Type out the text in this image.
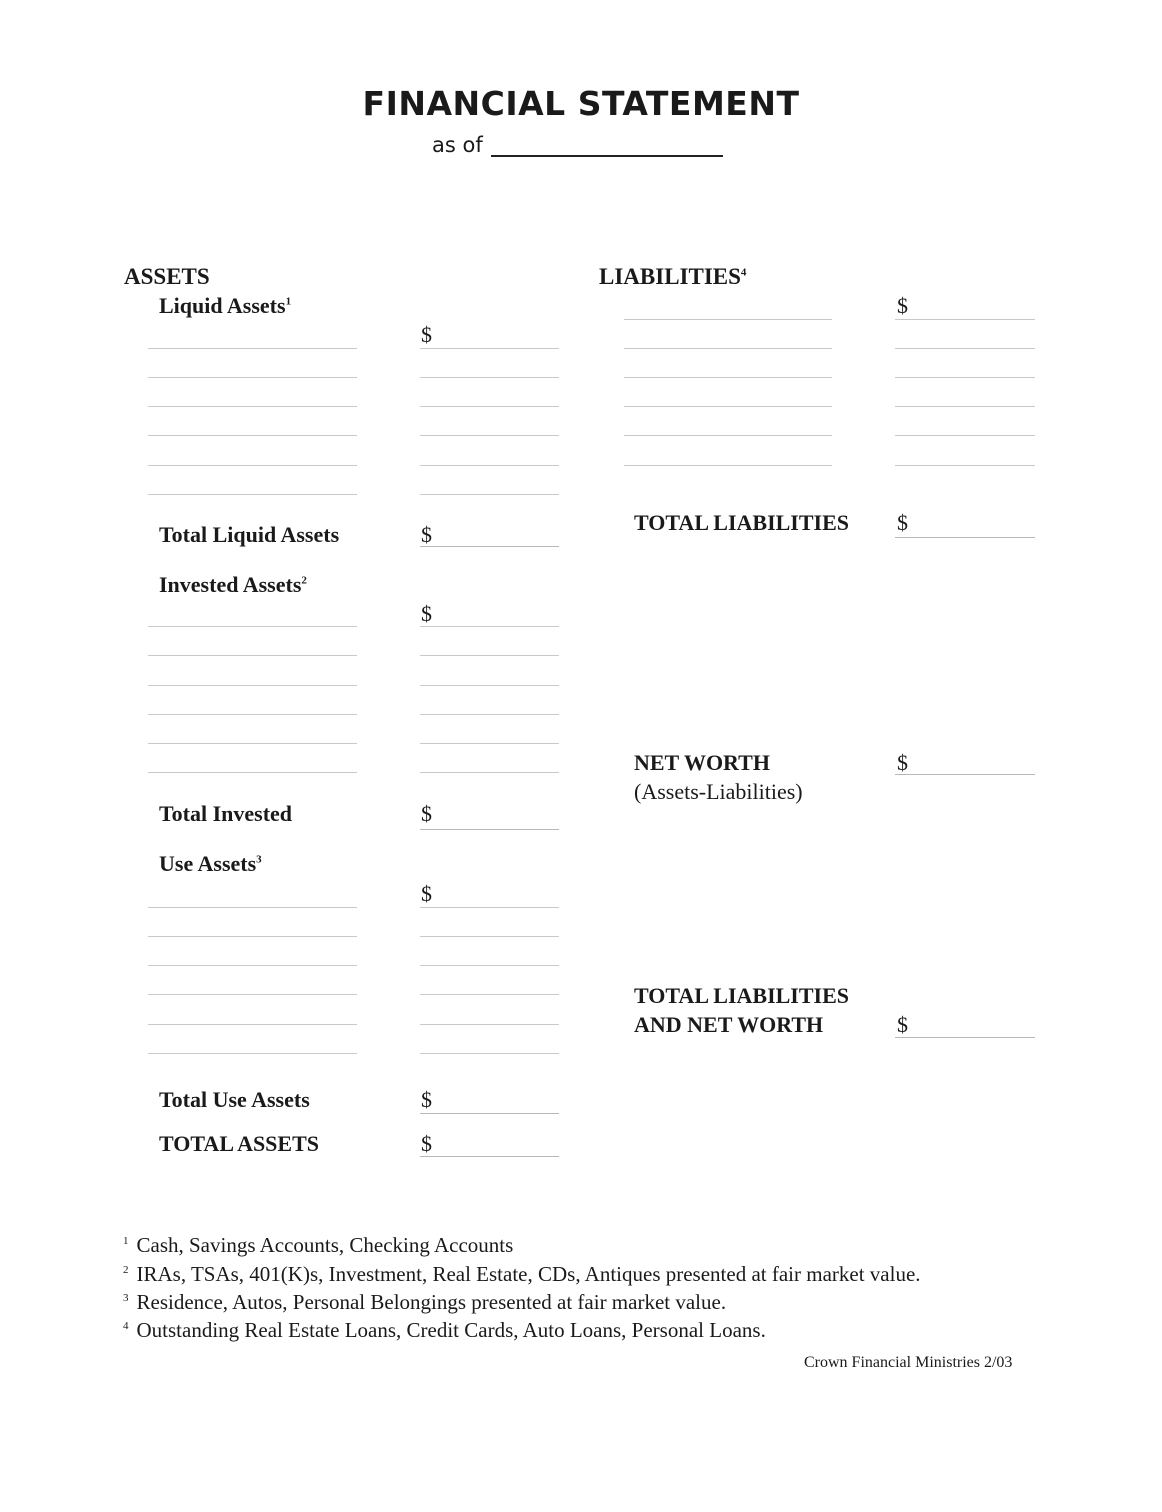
FINANCIAL STATEMENT
as of
ASSETS
Liquid Assets$^1$
Total Liquid Assets
Invested Assets$^2$
Total Invested
Use Assets$^3$
Total Use Assets
TOTAL ASSETS
LIABILITIES$^4$
TOTAL LIABILITIES
NET WORTH
(Assets-Liabilities)
TOTAL LIABILITIES
AND NET WORTH
$^1$ Cash, Savings Accounts, Checking Accounts
$^2$ IRAs, TSAs, 401(K)s, Investment, Real Estate, CDs, Antiques presented at fair market value.
$^3$ Residence, Autos, Personal Belongings presented at fair market value.
$^4$ Outstanding Real Estate Loans, Credit Cards, Auto Loans, Personal Loans.
Crown Financial Ministries 2/03
$
$
$
$
$
$
$
$
$
$
$
